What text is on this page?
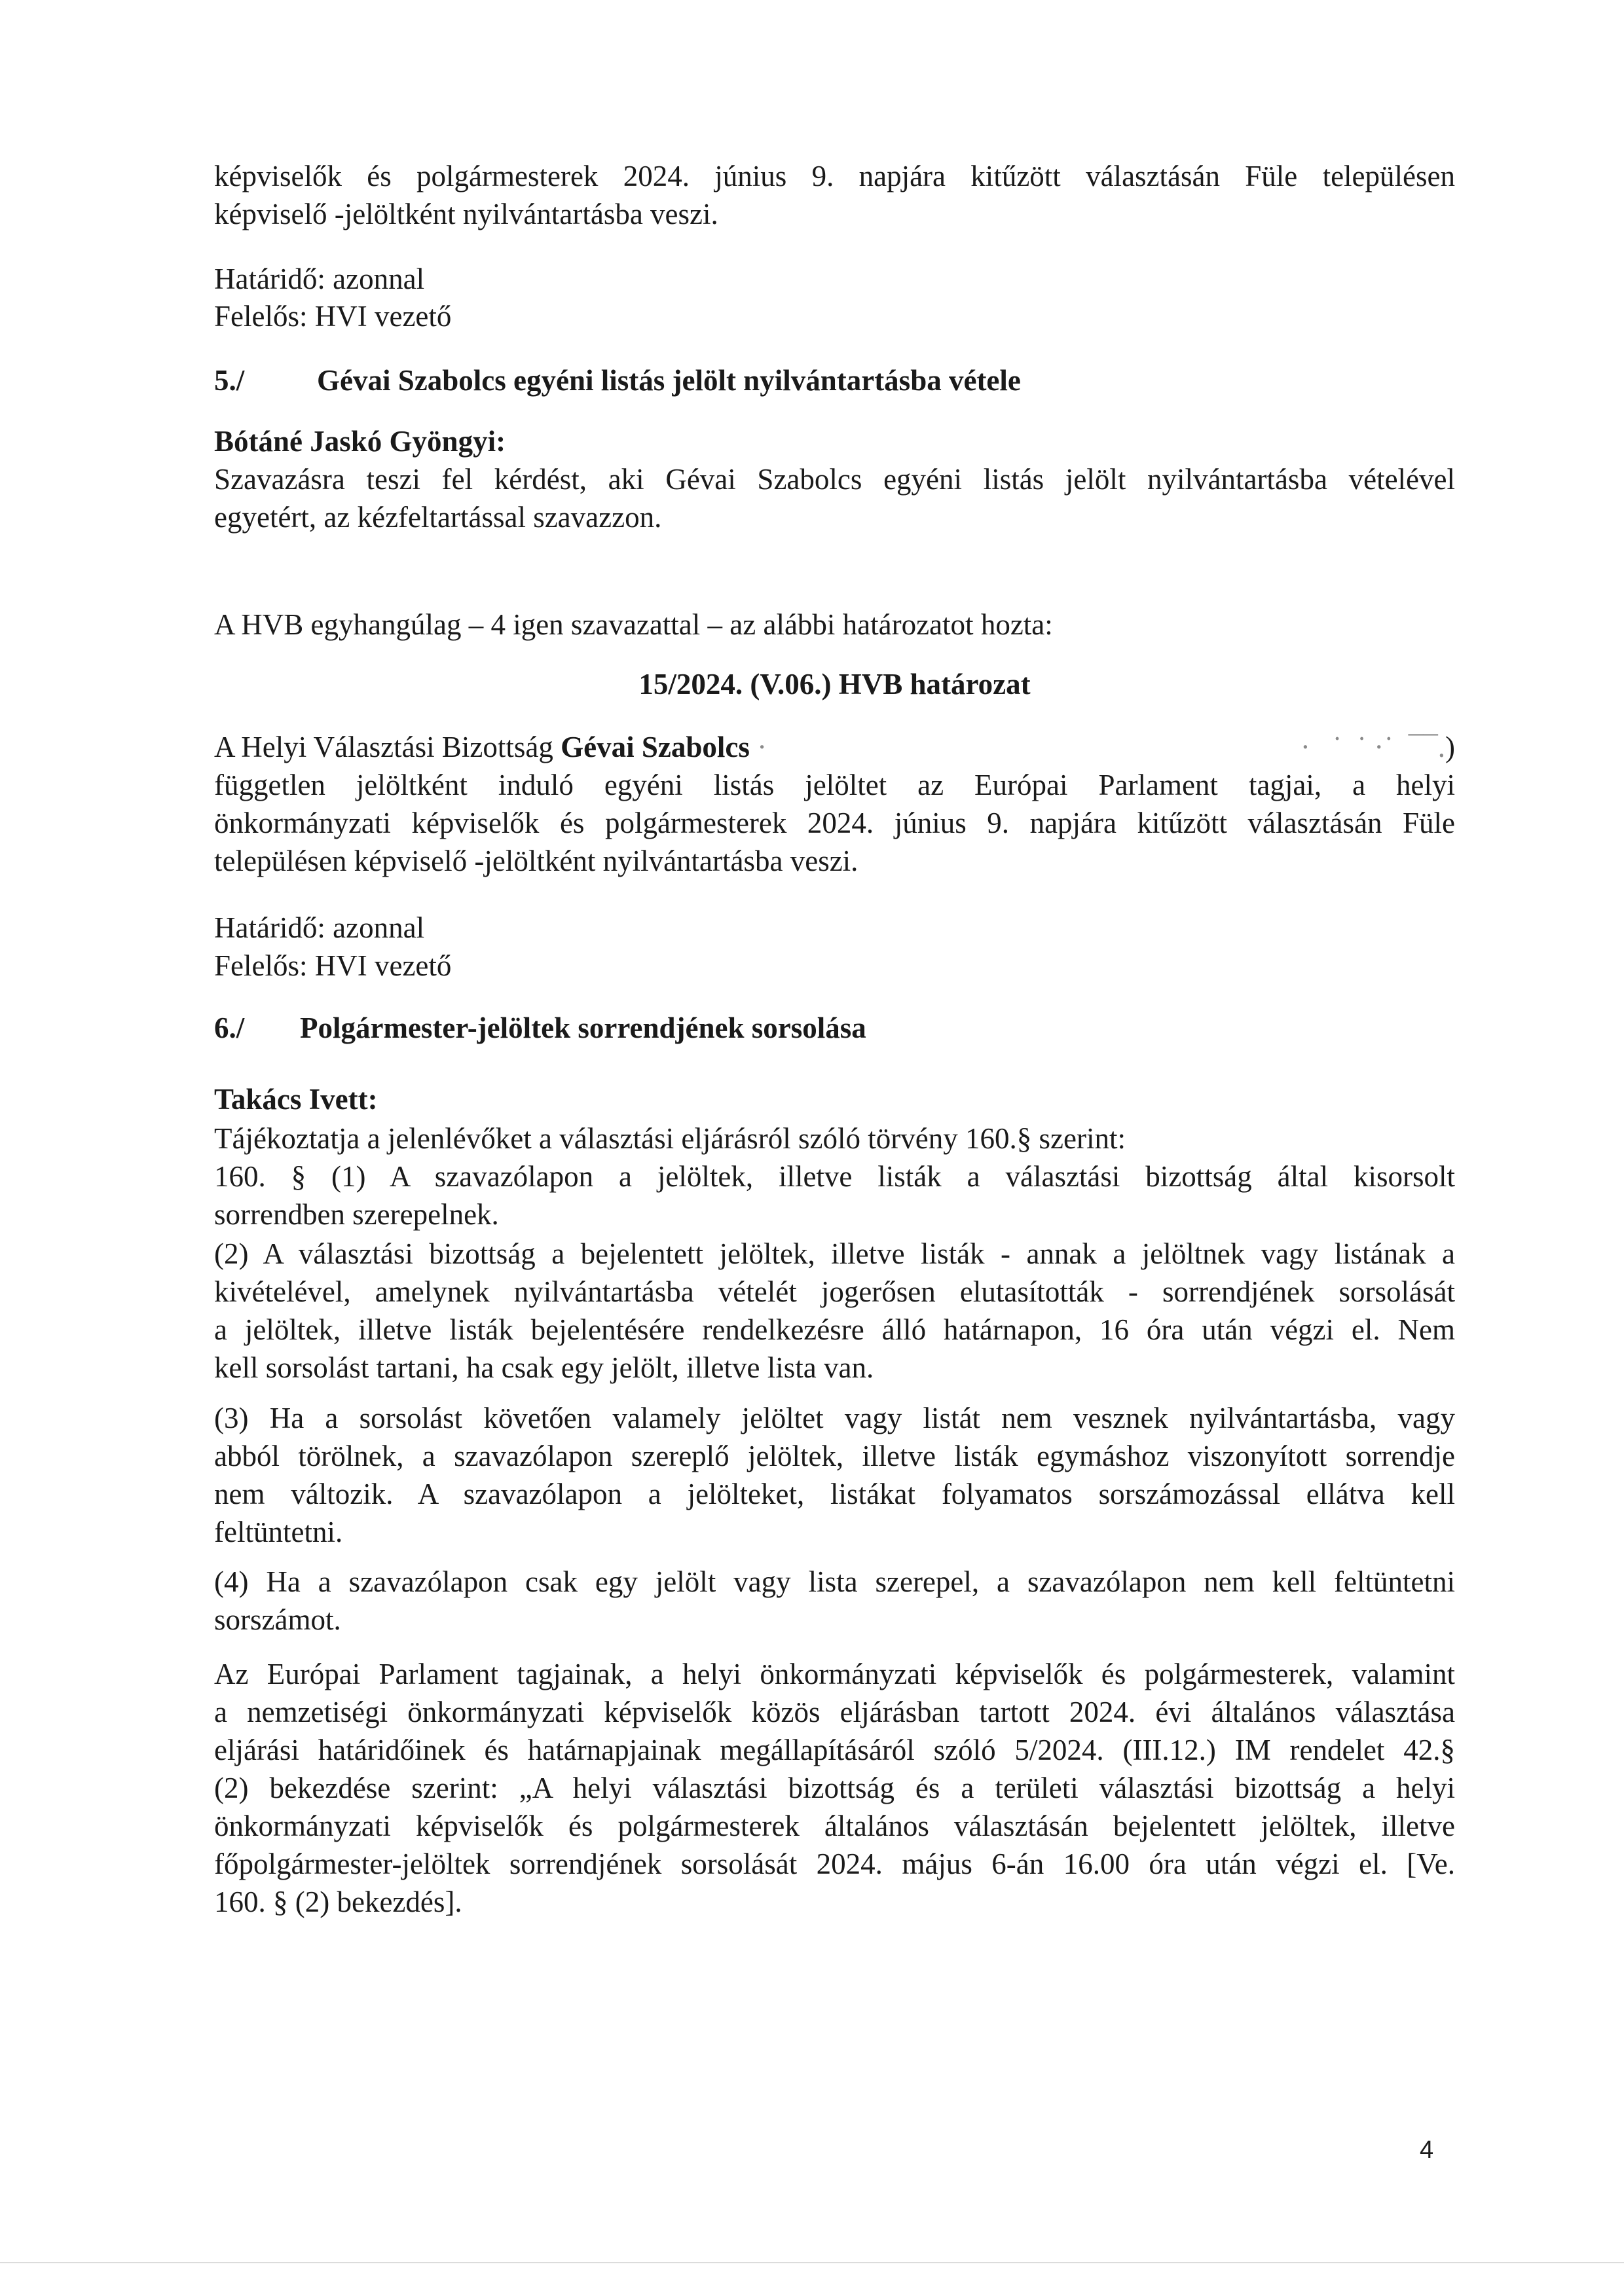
képviselők és polgármesterek 2024. június 9. napjára kitűzött választásán Füle településen
képviselő -jelöltként nyilvántartásba veszi.

Határidő: azonnal

Felelős: HVI vezető

5./	Gévai Szabolcs egyéni listás jelölt nyilvántartásba vétele

Bótáné Jaskó Gyöngyi:

Szavazásra teszi fel kérdést, aki Gévai Szabolcs egyéni listás jelölt nyilvántartásba vételével
egyetért, az kézfeltartással szavazzon.

A HVB egyhangúlag – 4 igen szavazattal – az alábbi határozatot hozta:

15/2024. (V.06.) HVB határozat

A Helyi Választási Bizottság Gévai Szabolcs ·	·   ˙  ˙ ·˙  ¯¯.)

független jelöltként induló egyéni listás jelöltet az Európai Parlament tagjai, a helyi
önkormányzati képviselők és polgármesterek 2024. június 9. napjára kitűzött választásán Füle
településen képviselő -jelöltként nyilvántartásba veszi.

Határidő: azonnal

Felelős: HVI vezető

6./	Polgármester-jelöltek sorrendjének sorsolása

Takács Ivett:

Tájékoztatja a jelenlévőket a választási eljárásról szóló törvény 160.§ szerint:
160. § (1) A szavazólapon a jelöltek, illetve listák a választási bizottság által kisorsolt
sorrendben szerepelnek.

(2) A választási bizottság a bejelentett jelöltek, illetve listák - annak a jelöltnek vagy listának a
kivételével, amelynek nyilvántartásba vételét jogerősen elutasították - sorrendjének sorsolását
a jelöltek, illetve listák bejelentésére rendelkezésre álló határnapon, 16 óra után végzi el. Nem
kell sorsolást tartani, ha csak egy jelölt, illetve lista van.

(3) Ha a sorsolást követően valamely jelöltet vagy listát nem vesznek nyilvántartásba, vagy
abból törölnek, a szavazólapon szereplő jelöltek, illetve listák egymáshoz viszonyított sorrendje
nem változik. A szavazólapon a jelölteket, listákat folyamatos sorszámozással ellátva kell
feltüntetni.

(4) Ha a szavazólapon csak egy jelölt vagy lista szerepel, a szavazólapon nem kell feltüntetni
sorszámot.

Az Európai Parlament tagjainak, a helyi önkormányzati képviselők és polgármesterek, valamint
a nemzetiségi önkormányzati képviselők közös eljárásban tartott 2024. évi általános választása
eljárási határidőinek és határnapjainak megállapításáról szóló 5/2024. (III.12.) IM rendelet 42.§
(2) bekezdése szerint: „A helyi választási bizottság és a területi választási bizottság a helyi
önkormányzati képviselők és polgármesterek általános választásán bejelentett jelöltek, illetve
főpolgármester-jelöltek sorrendjének sorsolását 2024. május 6-án 16.00 óra után végzi el. [Ve.
160. § (2) bekezdés].

4
